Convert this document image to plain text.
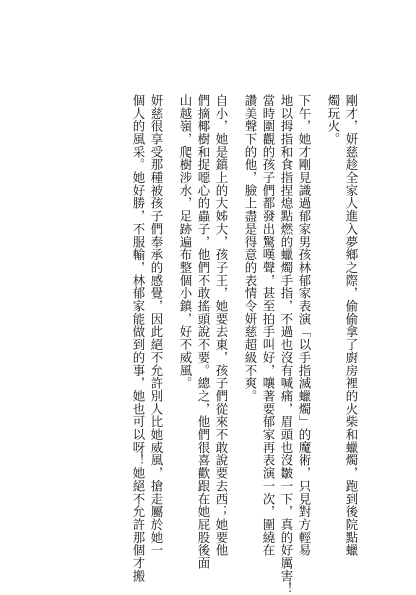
剛才，妍慈趁全家人進入夢鄉之際，偷偷拿了廚房裡的火柴和蠟燭，跑到後院點蠟
燭玩火。
下午，她才剛見識過郁家男孩林郁家表演「以手指滅蠟燭」的魔術，只見對方輕易
地以拇指和食指捏熄點燃的蠟燭手指，不過也沒有喊痛，眉頭也沒皺一下，真的好厲害！
當時圍觀的孩子們都發出驚嘆聲，甚至拍手叫好，嚷著要郁家再表演一次，圍繞在
讚美聲下的他，臉上盡是得意的表情令妍慈超級不爽。
自小，她是鎮上的大姊大，孩子王，她要去東，孩子們從來不敢說要去西；她要他
們摘椰樹和捉噁心的蟲子，他們不敢搖頭說不要。總之，他們很喜歡跟在她屁股後面
山越嶺，爬樹涉水，足跡遍布整個小鎮，好不威風。
妍慈很享受那種被孩子們奉承的感覺，因此絕不允許別人比她威風，搶走屬於她一
個人的風采。她好勝，不服輸，林郁家能做到的事，她也可以呀！她絕不允許那個才搬
